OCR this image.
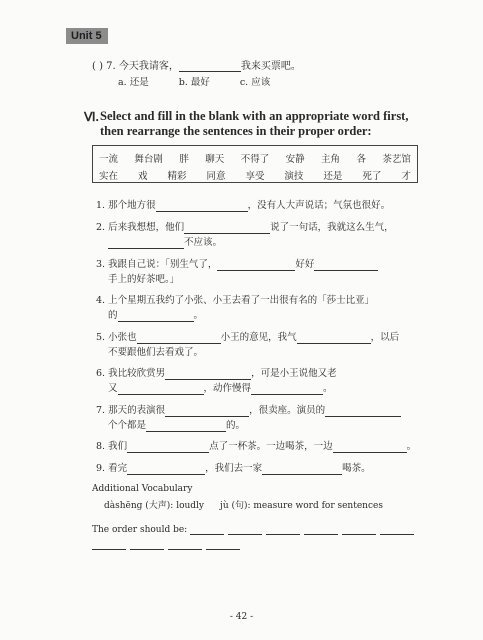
Unit 5
( ) 7. 今天我请客，	我来买票吧。
a. 还是	b. 最好	c. 应该
Ⅵ. Select and fill in the blank with an appropriate word first, then rearrange the sentences in their proper order:
一流 舞台剧 胖 聊天 不得了 安静 主角 各 茶艺馆
实在 戏 精彩 同意 享受 演技 还是 死了 才
1. 那个地方很	，没有人大声说话；气氛也很好。
2. 后来我想想，他们	说了一句话，我就这么生气，
不应该。
3. 我跟自己说：「别生气了，	好好
手上的好茶吧。」
4. 上个星期五我约了小张、小王去看了一出很有名的「莎士比亚」
的	。
5. 小张也	小王的意见，我气	，以后
不要跟他们去看戏了。
6. 我比较欣赏男	，可是小王说他又老
又	，动作慢得	。
7. 那天的表演很	，很卖座。演员的
个个都是	的。
8. 我们	点了一杯茶。一边喝茶，一边	。
9. 看完	，我们去一家	喝茶。
Additional Vocabulary
dàshēng (大声): loudly jù (句): measure word for sentences
The order should be:
- 42 -
